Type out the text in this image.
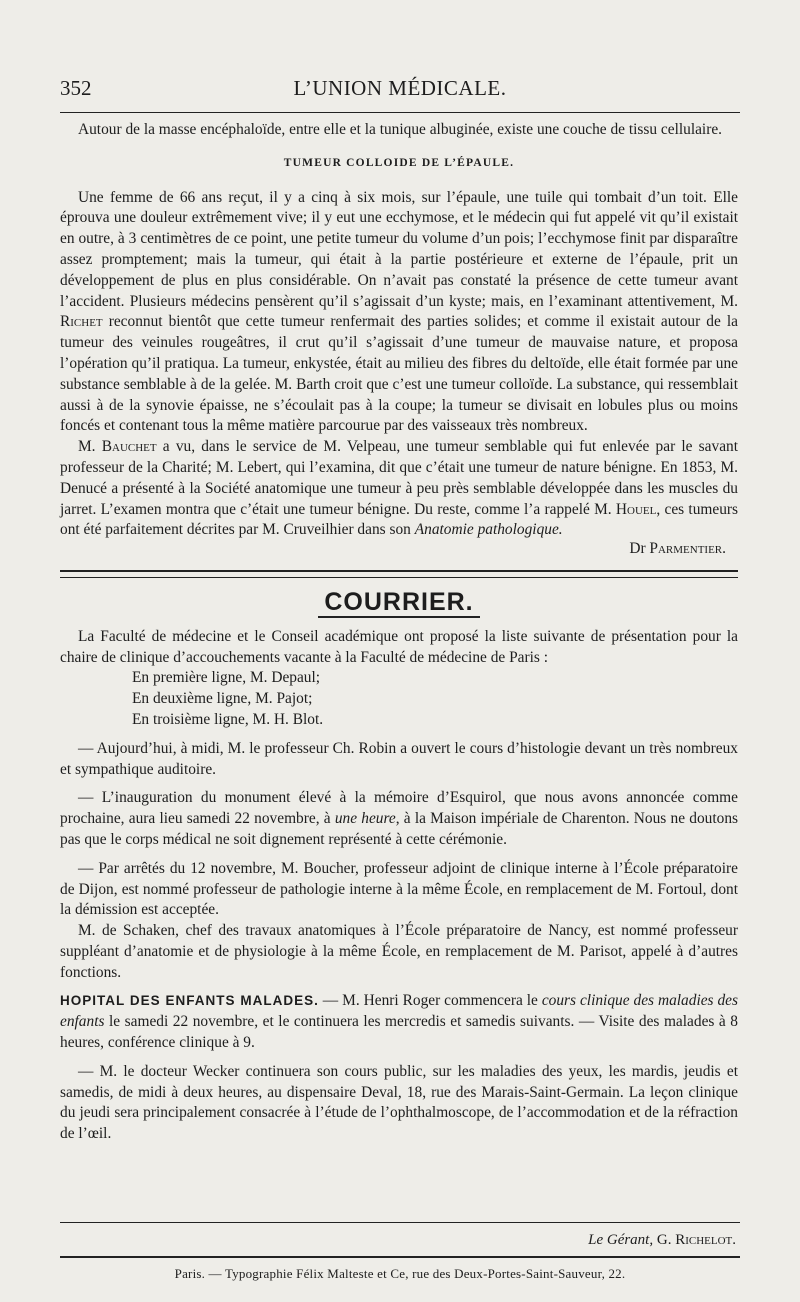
352	L’UNION MÉDICALE.

Autour de la masse encéphaloïde, entre elle et la tunique albuginée, existe une couche de tissu cellulaire.

TUMEUR COLLOIDE DE L’ÉPAULE.

Une femme de 66 ans reçut, il y a cinq à six mois, sur l’épaule, une tuile qui tombait d’un toit. Elle éprouva une douleur extrêmement vive; il y eut une ecchymose, et le médecin qui fut appelé vit qu’il existait en outre, à 3 centimètres de ce point, une petite tumeur du volume d’un pois; l’ecchymose finit par disparaître assez promptement; mais la tumeur, qui était à la partie postérieure et externe de l’épaule, prit un développement de plus en plus considérable. On n’avait pas constaté la présence de cette tumeur avant l’accident. Plusieurs médecins pensèrent qu’il s’agissait d’un kyste; mais, en l’examinant attentivement, M. Richet reconnut bientôt que cette tumeur renfermait des parties solides; et comme il existait autour de la tumeur des veinules rougeâtres, il crut qu’il s’agissait d’une tumeur de mauvaise nature, et proposa l’opération qu’il pratiqua. La tumeur, enkystée, était au milieu des fibres du deltoïde, elle était formée par une substance semblable à de la gelée. M. Barth croit que c’est une tumeur colloïde. La substance, qui ressemblait aussi à de la synovie épaisse, ne s’écoulait pas à la coupe; la tumeur se divisait en lobules plus ou moins foncés et contenant tous la même matière parcourue par des vaisseaux très nombreux.

M. Bauchet a vu, dans le service de M. Velpeau, une tumeur semblable qui fut enlevée par le savant professeur de la Charité; M. Lebert, qui l’examina, dit que c’était une tumeur de nature bénigne. En 1853, M. Denucé a présenté à la Société anatomique une tumeur à peu près semblable développée dans les muscles du jarret. L’examen montra que c’était une tumeur bénigne. Du reste, comme l’a rappelé M. Houel, ces tumeurs ont été parfaitement décrites par M. Cruveilhier dans son Anatomie pathologique.

Dr Parmentier.
COURRIER.

La Faculté de médecine et le Conseil académique ont proposé la liste suivante de présentation pour la chaire de clinique d’accouchements vacante à la Faculté de médecine de Paris :

En première ligne, M. Depaul;

En deuxième ligne, M. Pajot;

En troisième ligne, M. H. Blot.

— Aujourd’hui, à midi, M. le professeur Ch. Robin a ouvert le cours d’histologie devant un très nombreux et sympathique auditoire.

— L’inauguration du monument élevé à la mémoire d’Esquirol, que nous avons annoncée comme prochaine, aura lieu samedi 22 novembre, à une heure, à la Maison impériale de Charenton. Nous ne doutons pas que le corps médical ne soit dignement représenté à cette cérémonie.

— Par arrêtés du 12 novembre, M. Boucher, professeur adjoint de clinique interne à l’École préparatoire de Dijon, est nommé professeur de pathologie interne à la même École, en remplacement de M. Fortoul, dont la démission est acceptée.

M. de Schaken, chef des travaux anatomiques à l’École préparatoire de Nancy, est nommé professeur suppléant d’anatomie et de physiologie à la même École, en remplacement de M. Parisot, appelé à d’autres fonctions.

HOPITAL DES ENFANTS MALADES. — M. Henri Roger commencera le cours clinique des maladies des enfants le samedi 22 novembre, et le continuera les mercredis et samedis suivants. — Visite des malades à 8 heures, conférence clinique à 9.

— M. le docteur Wecker continuera son cours public, sur les maladies des yeux, les mardis, jeudis et samedis, de midi à deux heures, au dispensaire Deval, 18, rue des Marais-Saint-Germain. La leçon clinique du jeudi sera principalement consacrée à l’étude de l’ophthalmoscope, de l’accommodation et de la réfraction de l’œil.

Le Gérant, G. Richelot.
Paris. — Typographie Félix Malteste et Ce, rue des Deux-Portes-Saint-Sauveur, 22.
